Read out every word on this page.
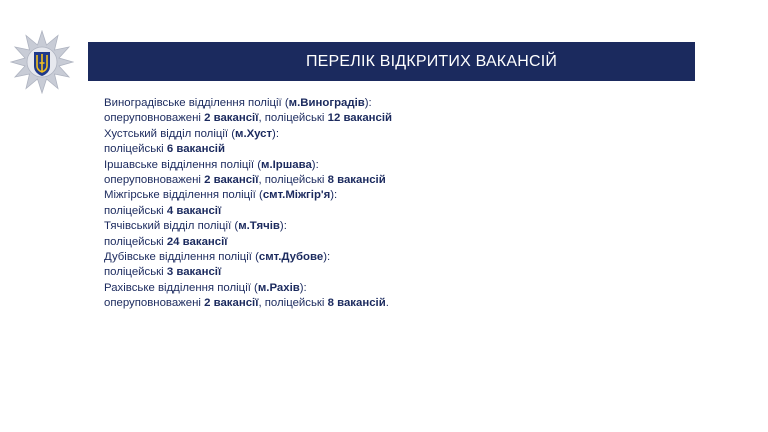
ПЕРЕЛІК ВІДКРИТИХ ВАКАНСІЙ
Виноградівське відділення поліції (м.Виноградів):
оперуповноважені 2 вакансії, поліцейські 12 вакансій
Хустський відділ поліції (м.Хуст):
поліцейські 6 вакансій
Іршавське відділення поліції (м.Іршава):
оперуповноважені 2 вакансії, поліцейські 8 вакансій
Міжгірське відділення поліції (смт.Міжгір'я):
поліцейські 4 вакансії
Тячівський відділ поліції (м.Тячів):
поліцейські 24 вакансії
Дубівське відділення поліції (смт.Дубове):
поліцейські 3 вакансії
Рахівське відділення поліції (м.Рахів):
оперуповноважені 2 вакансії, поліцейські 8 вакансій.
